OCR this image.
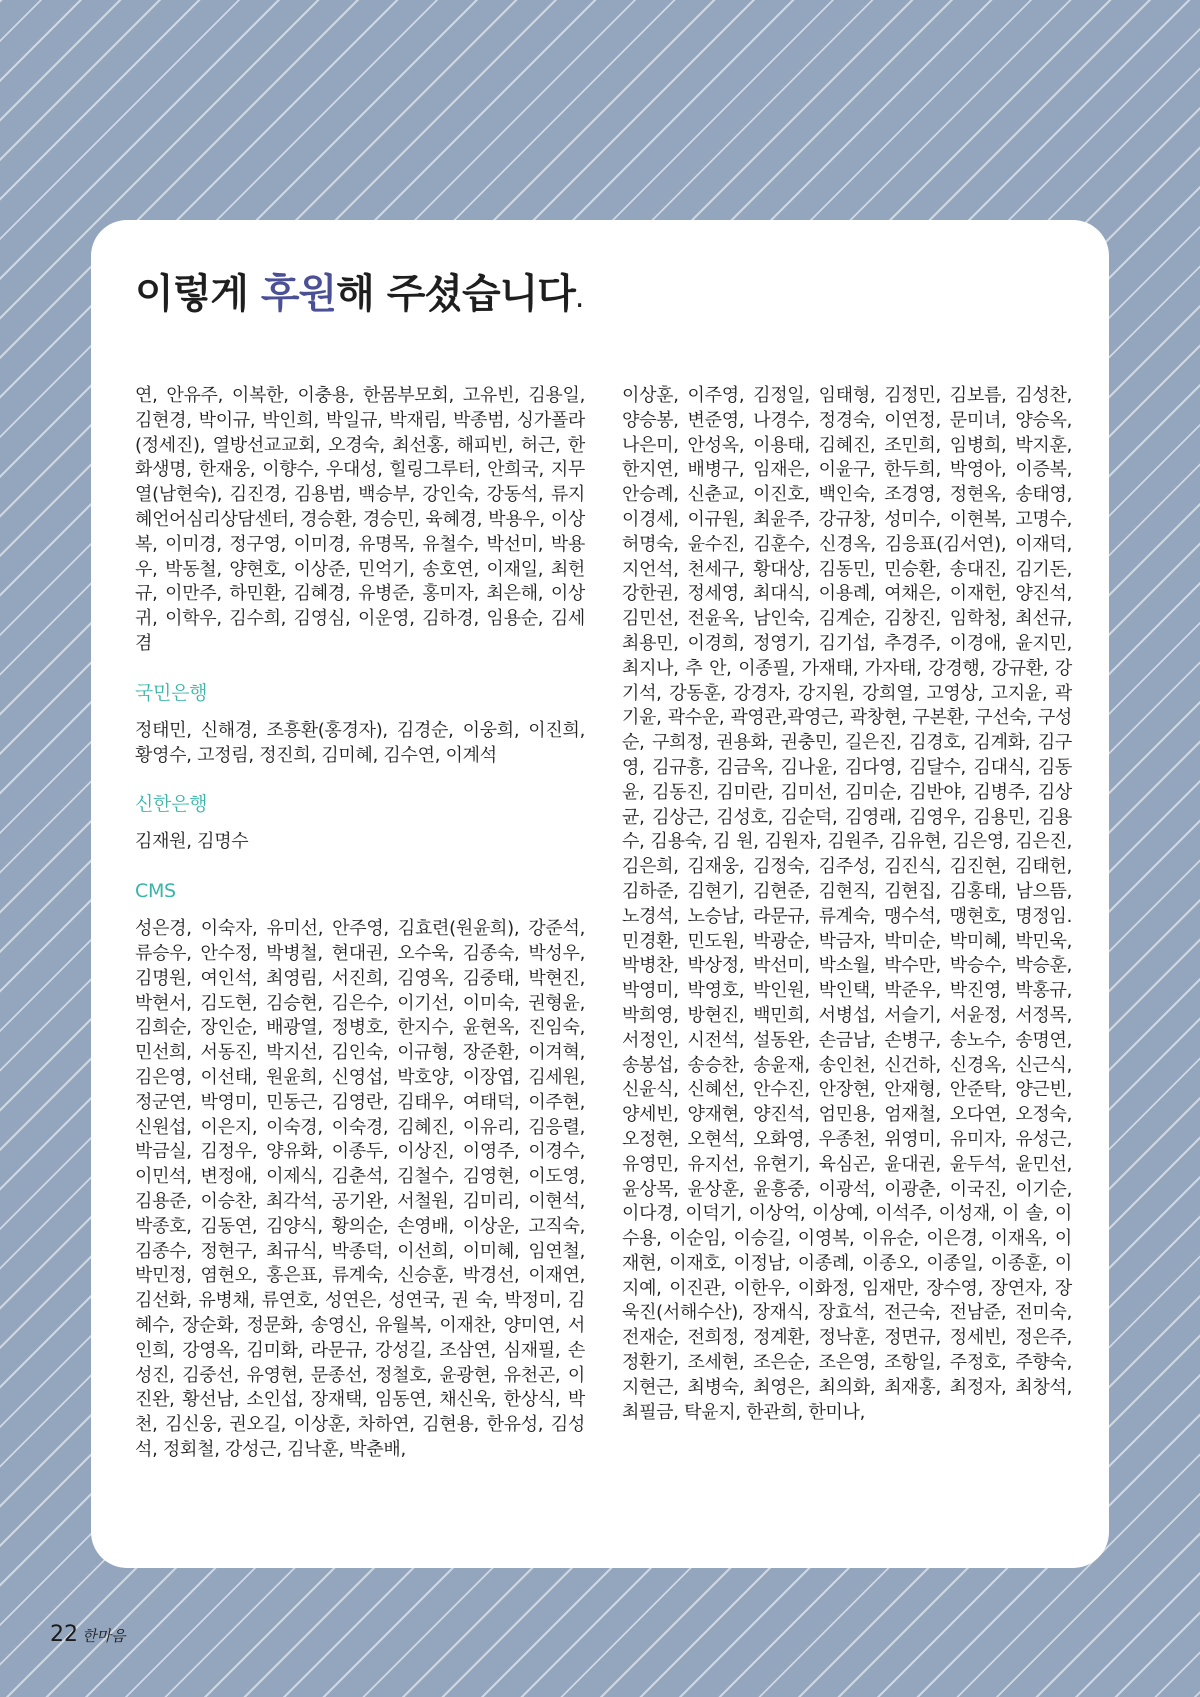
이렇게 후원해 주셨습니다.

연, 안유주, 이복한, 이충용, 한몸부모회, 고유빈, 김용일, 김현경, 박이규, 박인희, 박일규, 박재림, 박종범, 싱가폴라(정세진), 열방선교교회, 오경숙, 최선홍, 해피빈, 허근, 한화생명, 한재웅, 이향수, 우대성, 힐링그루터, 안희국, 지무열(남현숙), 김진경, 김용범, 백승부, 강인숙, 강동석, 류지혜언어심리상담센터, 경승환, 경승민, 육혜경, 박용우, 이상복, 이미경, 정구영, 이미경, 유명목, 유철수, 박선미, 박용우, 박동철, 양현호, 이상준, 민억기, 송호연, 이재일, 최헌규, 이만주, 하민환, 김혜경, 유병준, 홍미자, 최은해, 이상귀, 이학우, 김수희, 김영심, 이운영, 김하경, 임용순, 김세겸

국민은행

정태민, 신해경, 조흥환(홍경자), 김경순, 이웅희, 이진희, 황영수, 고정림, 정진희, 김미혜, 김수연, 이계석

신한은행

김재원, 김명수

CMS

성은경, 이숙자, 유미선, 안주영, 김효련(원윤희), 강준석, 류승우, 안수정, 박병철, 현대권, 오수욱, 김종숙, 박성우, 김명원, 여인석, 최영림, 서진희, 김영옥, 김중태, 박현진, 박현서, 김도현, 김승현, 김은수, 이기선, 이미숙, 권형윤, 김희순, 장인순, 배광열, 정병호, 한지수, 윤현옥, 진임숙, 민선희, 서동진, 박지선, 김인숙, 이규형, 장준환, 이겨혁, 김은영, 이선태, 원윤희, 신영섭, 박호양, 이장엽, 김세원, 정군연, 박영미, 민동근, 김영란, 김태우, 여태덕, 이주현, 신원섭, 이은지, 이숙경, 이숙경, 김혜진, 이유리, 김응렬, 박금실, 김정우, 양유화, 이종두, 이상진, 이영주, 이경수, 이민석, 변정애, 이제식, 김춘석, 김철수, 김영현, 이도영, 김용준, 이승찬, 최각석, 공기완, 서철원, 김미리, 이현석, 박종호, 김동연, 김양식, 황의순, 손영배, 이상운, 고직숙, 김종수, 정현구, 최규식, 박종덕, 이선희, 이미혜, 임연철, 박민정, 염현오, 홍은표, 류계숙, 신승훈, 박경선, 이재연, 김선화, 유병채, 류연호, 성연은, 성연국, 권 숙, 박정미, 김혜수, 장순화, 정문화, 송영신, 유월복, 이재찬, 양미연, 서인희, 강영옥, 김미화, 라문규, 강성길, 조삼연, 심재필, 손성진, 김중선, 유영현, 문종선, 정철호, 윤광현, 유천곤, 이진완, 황선남, 소인섭, 장재택, 임동연, 채신욱, 한상식, 박 천, 김신웅, 권오길, 이상훈, 차하연, 김현용, 한유성, 김성석, 정회철, 강성근, 김낙훈, 박춘배,

이상훈, 이주영, 김정일, 임태형, 김정민, 김보름, 김성찬, 양승봉, 변준영, 나경수, 정경숙, 이연정, 문미녀, 양승옥, 나은미, 안성옥, 이용태, 김혜진, 조민희, 임병희, 박지훈, 한지연, 배병구, 임재은, 이윤구, 한두희, 박영아, 이증복, 안승례, 신춘교, 이진호, 백인숙, 조경영, 정현옥, 송태영, 이경세, 이규원, 최윤주, 강규창, 성미수, 이현복, 고명수, 허명숙, 윤수진, 김훈수, 신경옥, 김응표(김서연), 이재덕, 지언석, 천세구, 황대상, 김동민, 민승환, 송대진, 김기돈, 강한권, 정세영, 최대식, 이용례, 여채은, 이재헌, 양진석, 김민선, 전윤옥, 남인숙, 김계순, 김창진, 임학청, 최선규, 최용민, 이경희, 정영기, 김기섭, 추경주, 이경애, 윤지민, 최지나, 추 안, 이종필, 가재태, 가자태, 강경행, 강규환, 강기석, 강동훈, 강경자, 강지원, 강희열, 고영상, 고지윤, 곽기윤, 곽수운, 곽영관,곽영근, 곽창현, 구본환, 구선숙, 구성순, 구희정, 권용화, 권충민, 길은진, 김경호, 김계화, 김구영, 김규흥, 김금옥, 김나윤, 김다영, 김달수, 김대식, 김동윤, 김동진, 김미란, 김미선, 김미순, 김반야, 김병주, 김상균, 김상근, 김성호, 김순덕, 김영래, 김영우, 김용민, 김용수, 김용숙, 김 원, 김원자, 김원주, 김유현, 김은영, 김은진, 김은희, 김재웅, 김정숙, 김주성, 김진식, 김진현, 김태헌, 김하준, 김현기, 김현준, 김현직, 김현집, 김홍태, 남으뜸, 노경석, 노승남, 라문규, 류계숙, 맹수석, 맹현호, 명정임. 민경환, 민도원, 박광순, 박금자, 박미순, 박미혜, 박민욱, 박병찬, 박상정, 박선미, 박소월, 박수만, 박승수, 박승훈, 박영미, 박영호, 박인원, 박인택, 박준우, 박진영, 박홍규, 박희영, 방현진, 백민희, 서병섭, 서슬기, 서윤정, 서정목, 서정인, 시전석, 설동완, 손금남, 손병구, 송노수, 송명연, 송봉섭, 송승찬, 송윤재, 송인천, 신건하, 신경옥, 신근식, 신윤식, 신혜선, 안수진, 안장현, 안재형, 안준탁, 양근빈, 양세빈, 양재현, 양진석, 엄민용, 엄재철, 오다연, 오정숙, 오정현, 오현석, 오화영, 우종천, 위영미, 유미자, 유성근, 유영민, 유지선, 유현기, 육심곤, 윤대권, 윤두석, 윤민선, 윤상목, 윤상훈, 윤흥중, 이광석, 이광춘, 이국진, 이기순, 이다경, 이덕기, 이상억, 이상예, 이석주, 이성재, 이 솔, 이수용, 이순임, 이승길, 이영복, 이유순, 이은경, 이재옥, 이재현, 이재호, 이정남, 이종례, 이종오, 이종일, 이종훈, 이지예, 이진관, 이한우, 이화정, 임재만, 장수영, 장연자, 장욱진(서해수산), 장재식, 장효석, 전근숙, 전남준, 전미숙, 전재순, 전희정, 정계환, 정낙훈, 정면규, 정세빈, 정은주, 정환기, 조세현, 조은순, 조은영, 조항일, 주정호, 주향숙, 지현근, 최병숙, 최영은, 최의화, 최재홍, 최정자, 최창석, 최필금, 탁윤지, 한관희, 한미나,

22 한마음
